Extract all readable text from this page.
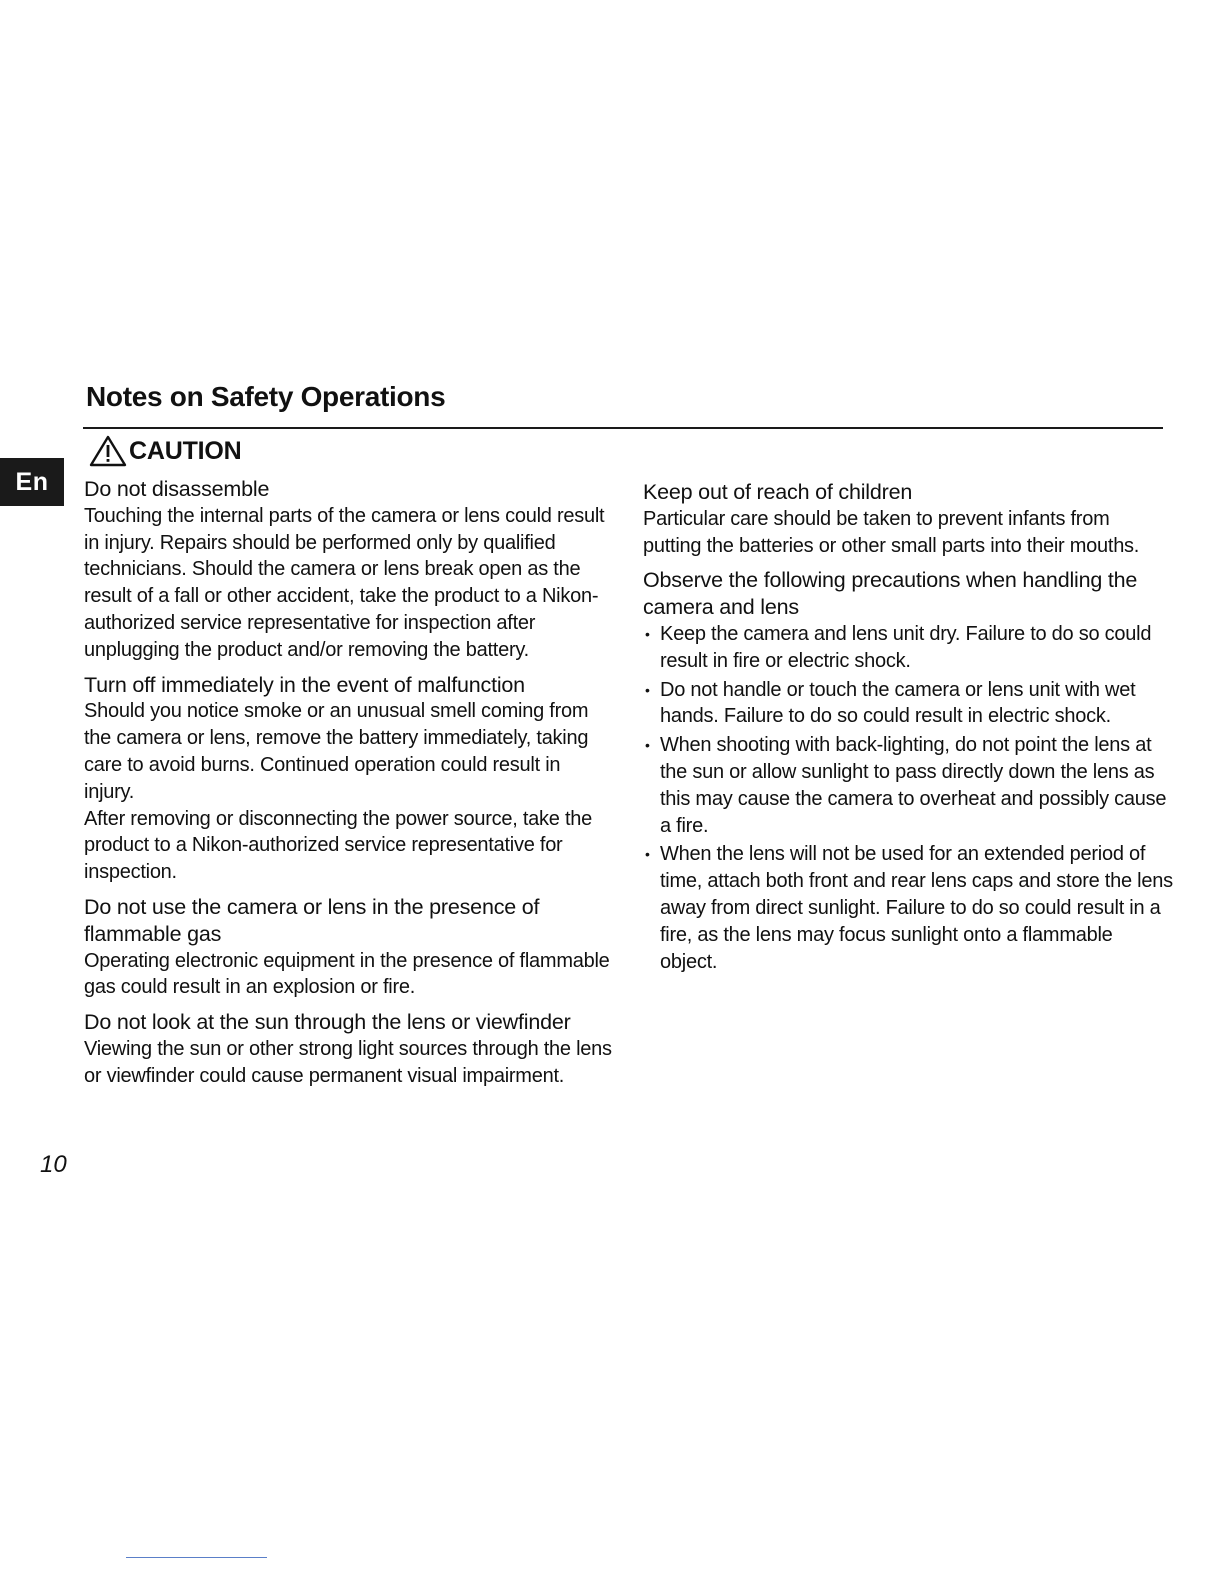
Notes on Safety Operations
En
CAUTION
Do not disassemble

Touching the internal parts of the camera or lens could result in injury. Repairs should be performed only by qualified technicians. Should the camera or lens break open as the result of a fall or other accident, take the product to a Nikon-authorized service representative for inspection after unplugging the product and/or removing the battery.

Turn off immediately in the event of malfunction

Should you notice smoke or an unusual smell coming from the camera or lens, remove the battery immediately, taking care to avoid burns. Continued operation could result in injury.

After removing or disconnecting the power source, take the product to a Nikon-authorized service representative for inspection.

Do not use the camera or lens in the presence of flammable gas

Operating electronic equipment in the presence of flammable gas could result in an explosion or fire.

Do not look at the sun through the lens or viewfinder

Viewing the sun or other strong light sources through the lens or viewfinder could cause permanent visual impairment.

Keep out of reach of children

Particular care should be taken to prevent infants from putting the batteries or other small parts into their mouths.

Observe the following precautions when handling the camera and lens
• Keep the camera and lens unit dry. Failure to do so could result in fire or electric shock.
• Do not handle or touch the camera or lens unit with wet hands. Failure to do so could result in electric shock.
• When shooting with back-lighting, do not point the lens at the sun or allow sunlight to pass directly down the lens as this may cause the camera to overheat and possibly cause a fire.
• When the lens will not be used for an extended period of time, attach both front and rear lens caps and store the lens away from direct sunlight. Failure to do so could result in a fire, as the lens may focus sunlight onto a flammable object.
10
